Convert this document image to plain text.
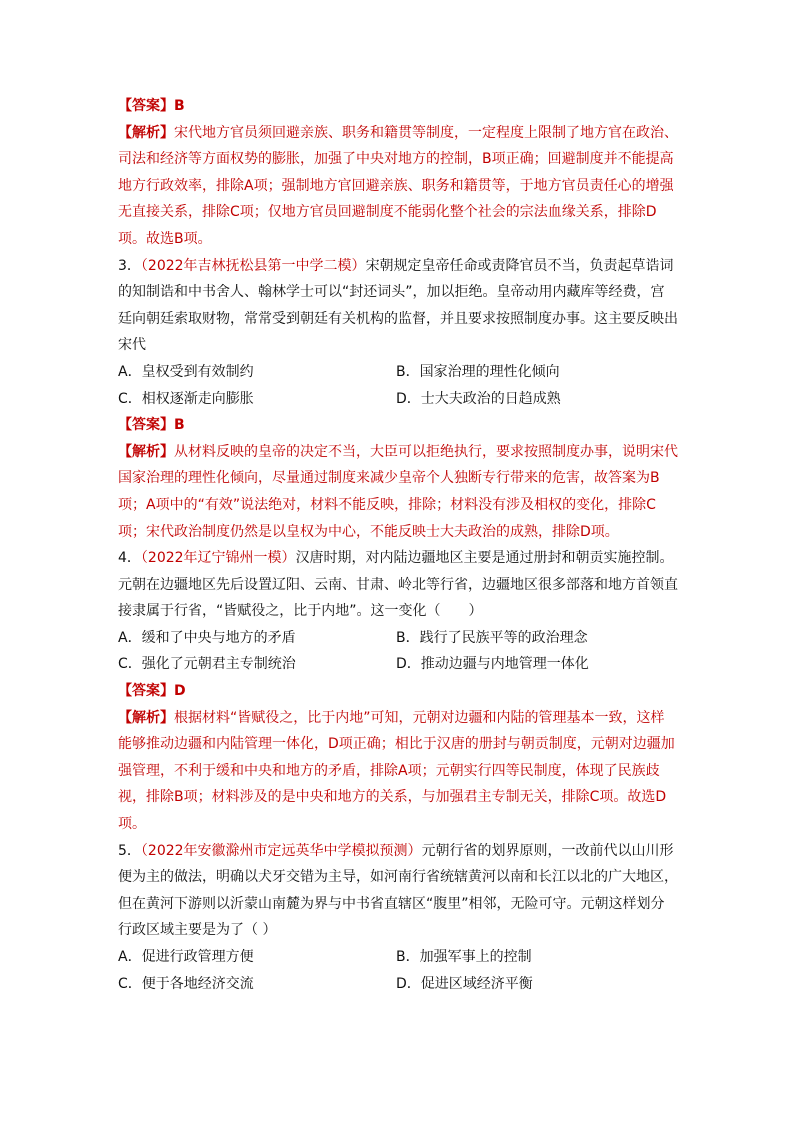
【答案】B

【解析】宋代地方官员须回避亲族、职务和籍贯等制度，一定程度上限制了地方官在政治、司法和经济等方面权势的膨胀，加强了中央对地方的控制，B项正确；回避制度并不能提高地方行政效率，排除A项；强制地方官回避亲族、职务和籍贯等，于地方官员责任心的增强无直接关系，排除C项；仅地方官员回避制度不能弱化整个社会的宗法血缘关系，排除D项。故选B项。

3．（2022年吉林抚松县第一中学二模）宋朝规定皇帝任命或责降官员不当，负责起草诰词的知制诰和中书舍人、翰林学士可以“封还词头”，加以拒绝。皇帝动用内藏库等经费，宫廷向朝廷索取财物，常常受到朝廷有关机构的监督，并且要求按照制度办事。这主要反映出宋代

A．皇权受到有效制约	B．国家治理的理性化倾向
C．相权逐渐走向膨胀	D．士大夫政治的日趋成熟

【答案】B

【解析】从材料反映的皇帝的决定不当，大臣可以拒绝执行，要求按照制度办事，说明宋代国家治理的理性化倾向，尽量通过制度来减少皇帝个人独断专行带来的危害，故答案为B项；A项中的“有效”说法绝对，材料不能反映，排除；材料没有涉及相权的变化，排除C项；宋代政治制度仍然是以皇权为中心，不能反映士大夫政治的成熟，排除D项。

4．（2022年辽宁锦州一模）汉唐时期，对内陆边疆地区主要是通过册封和朝贡实施控制。元朝在边疆地区先后设置辽阳、云南、甘肃、岭北等行省，边疆地区很多部落和地方首领直接隶属于行省，“皆赋役之，比于内地”。这一变化（　　）

A．缓和了中央与地方的矛盾	B．践行了民族平等的政治理念
C．强化了元朝君主专制统治	D．推动边疆与内地管理一体化

【答案】D

【解析】根据材料“皆赋役之，比于内地”可知，元朝对边疆和内陆的管理基本一致，这样能够推动边疆和内陆管理一体化，D项正确；相比于汉唐的册封与朝贡制度，元朝对边疆加强管理，不利于缓和中央和地方的矛盾，排除A项；元朝实行四等民制度，体现了民族歧视，排除B项；材料涉及的是中央和地方的关系，与加强君主专制无关，排除C项。故选D项。

5．（2022年安徽滁州市定远英华中学模拟预测）元朝行省的划界原则，一改前代以山川形便为主的做法，明确以犬牙交错为主导，如河南行省统辖黄河以南和长江以北的广大地区，但在黄河下游则以沂蒙山南麓为界与中书省直辖区“腹里”相邻，无险可守。元朝这样划分行政区域主要是为了（ ）

A．促进行政管理方便	B．加强军事上的控制
C．便于各地经济交流	D．促进区域经济平衡
